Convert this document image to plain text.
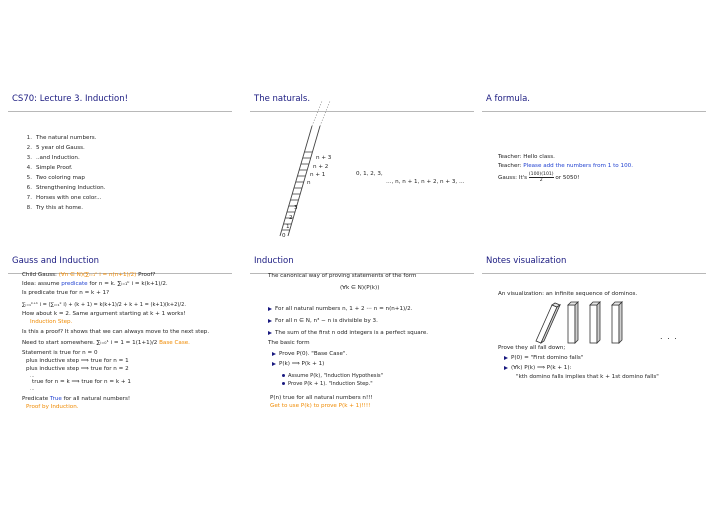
CS70: Lecture 3. Induction!
1. The natural numbers.
2. 5 year old Gauss.
3. ..and Induction.
4. Simple Proof.
5. Two coloring map
6. Strengthening Induction.
7. Horses with one color...
8. Try this at home.
The naturals.
n + 3
n + 2
n + 1
n
3
2
1
0
0, 1, 2, 3,
…, n, n + 1, n + 2, n + 3, …
A formula.
Teacher: Hello class.
Teacher: Please add the numbers from 1 to 100.
Gauss: $It's \frac{(100)(101)}{2}$ or 5050!
Gauss and Induction
Child Gauss: (∀n ∈ N)(∑ᵢ₌₁ⁿ i = n(n+1)/2) Proof?
Idea: assume predicate for n = k. ∑ᵢ₌₁ᵏ i = k(k+1)/2.
Is predicate true for n = k + 1?
∑ᵢ₌₁ᵏ⁺¹ i = (∑ᵢ₌₁ᵏ i) + (k + 1) = k(k+1)/2 + k + 1 = (k+1)(k+2)/2.
How about k = 2. Same argument starting at k + 1 works!
Induction Step.
Is this a proof? It shows that we can always move to the next step.
Need to start somewhere. ∑ᵢ₌₀¹ i = 1 = 1(1+1)/2 Base Case.
Statement is true for n = 0
plus inductive step ⟹ true for n = 1
plus inductive step ⟹ true for n = 2
…
true for n = k ⟹ true for n = k + 1
…
Predicate True for all natural numbers!
Proof by Induction.
Induction
The canonical way of proving statements of the form
(∀k ∈ N)(P(k))
For all natural numbers n, 1 + 2 ⋯ n = n(n+1)/2.
For all n ∈ N, n³ − n is divisible by 3.
The sum of the first n odd integers is a perfect square.
The basic form
Prove P(0). "Base Case".
P(k) ⟹ P(k + 1)
Assume P(k), "Induction Hypothesis"
Prove P(k + 1). "Induction Step."
P(n) true for all natural numbers n!!!
Get to use P(k) to prove P(k + 1)!!!!
Notes visualization
An visualization: an infinite sequence of dominos.
. . .
Prove they all fall down;
P(0) = "First domino falls"
(∀k) P(k) ⟹ P(k + 1):
"kth domino falls implies that k + 1st domino falls"
